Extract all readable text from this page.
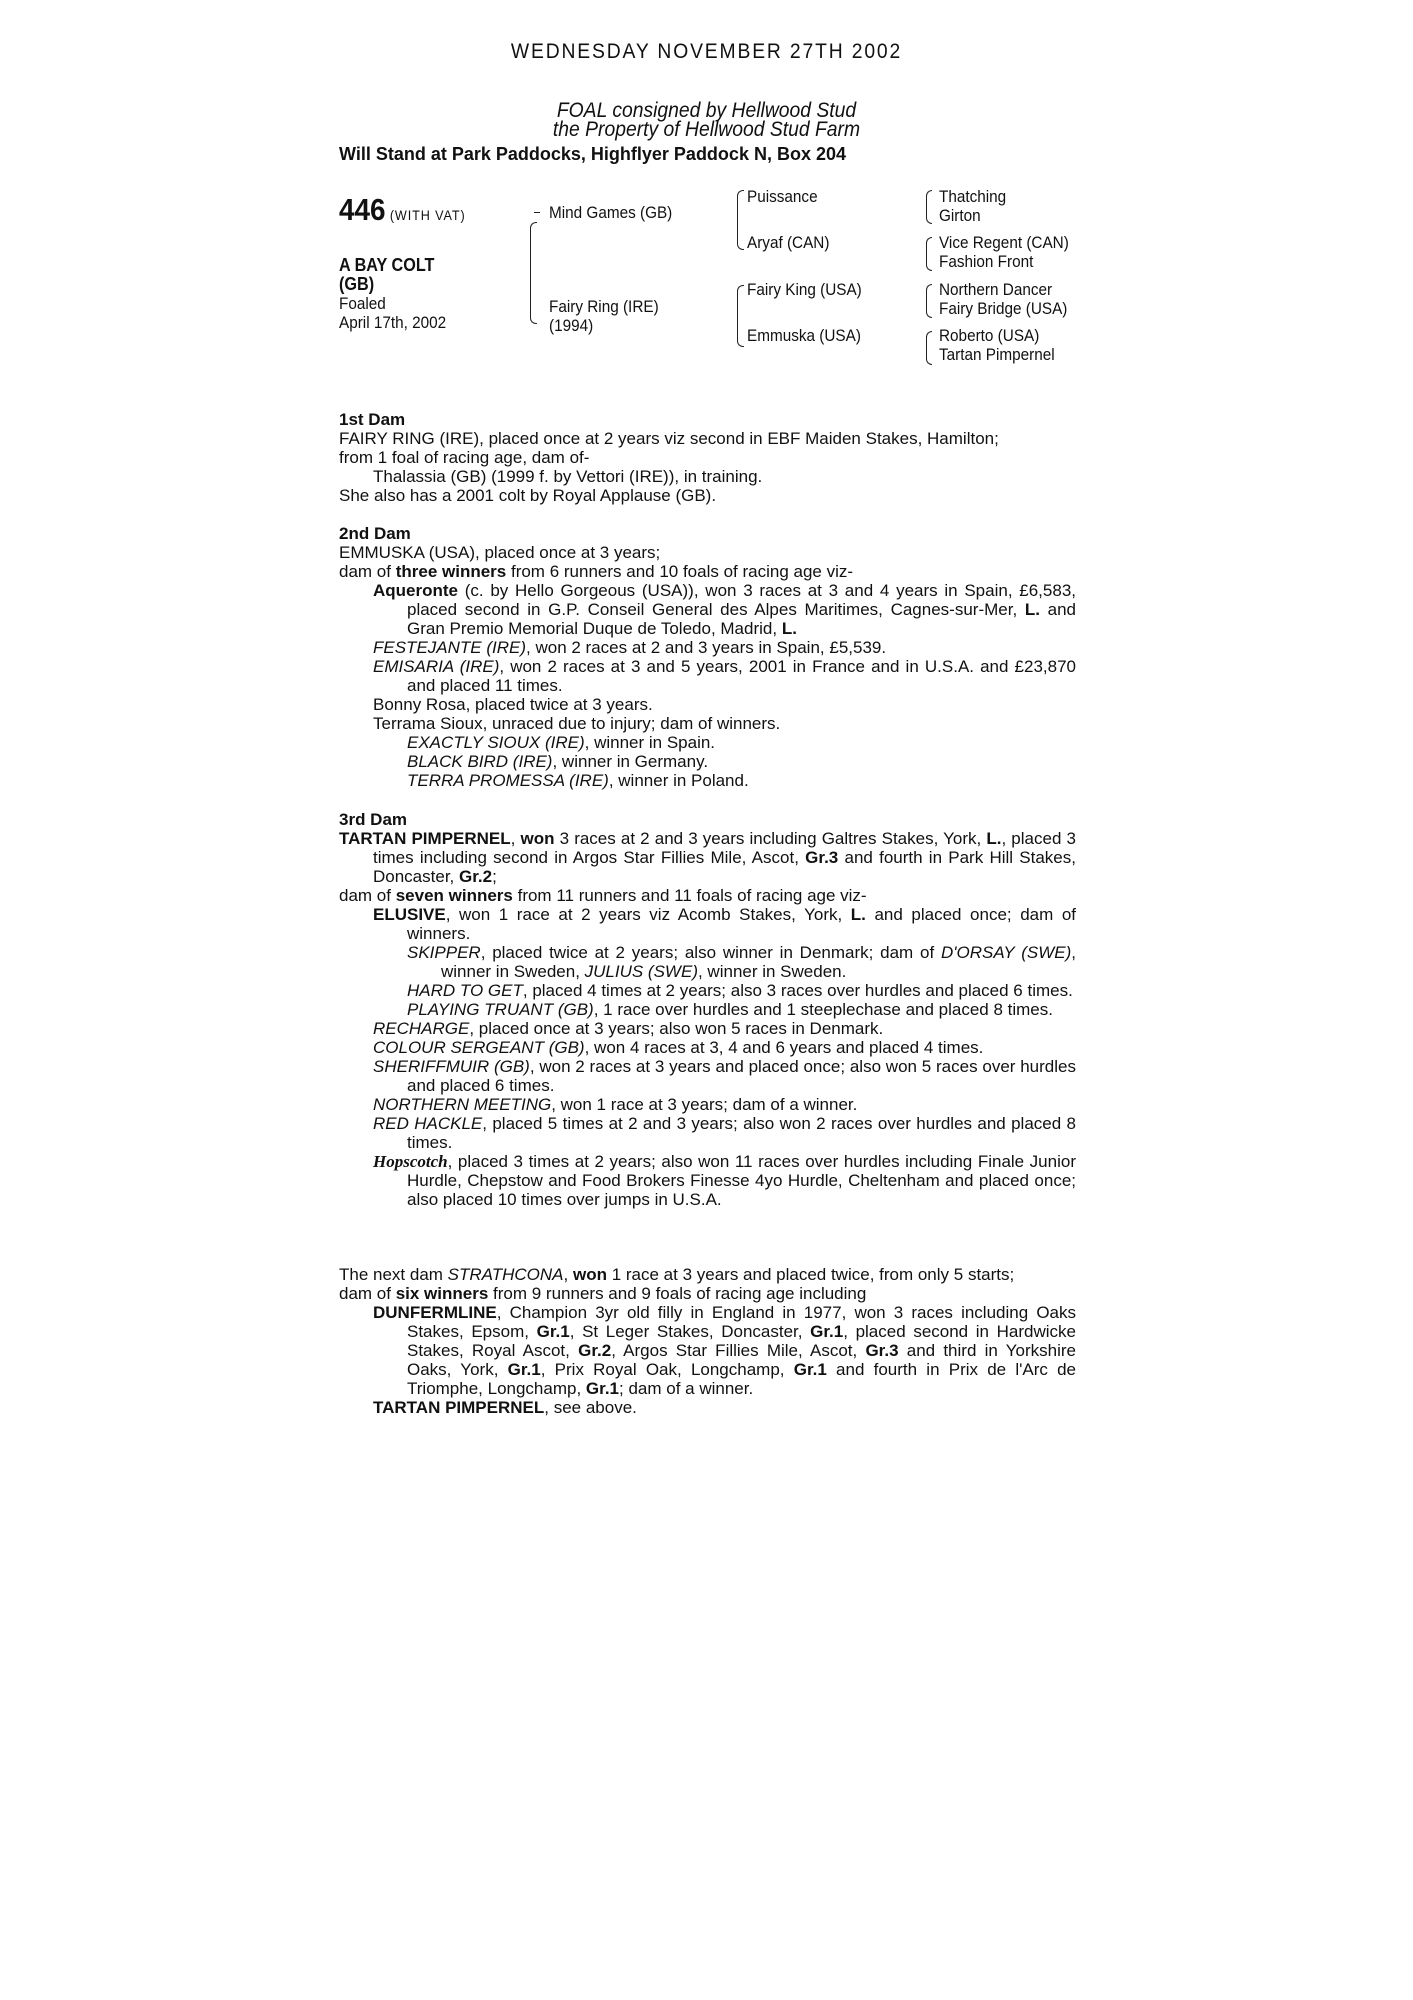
WEDNESDAY NOVEMBER 27TH 2002
FOAL consigned by Hellwood Stud
the Property of Hellwood Stud Farm
Will Stand at Park Paddocks, Highflyer Paddock N, Box 204
446 (WITH VAT)
A BAY COLT
(GB)
Foaled
April 17th, 2002
Mind Games (GB)
Fairy Ring (IRE)
(1994)
Puissance
Aryaf (CAN)
Fairy King (USA)
Emmuska (USA)
Thatching
Girton
Vice Regent (CAN)
Fashion Front
Northern Dancer
Fairy Bridge (USA)
Roberto (USA)
Tartan Pimpernel
1st Dam

FAIRY RING (IRE), placed once at 2 years viz second in EBF Maiden Stakes, Hamilton;

from 1 foal of racing age, dam of-

Thalassia (GB) (1999 f. by Vettori (IRE)), in training.

She also has a 2001 colt by Royal Applause (GB).

2nd Dam

EMMUSKA (USA), placed once at 3 years;

dam of three winners from 6 runners and 10 foals of racing age viz-

Aqueronte (c. by Hello Gorgeous (USA)), won 3 races at 3 and 4 years in Spain, £6,583, placed second in G.P. Conseil General des Alpes Maritimes, Cagnes-sur-Mer, L. and Gran Premio Memorial Duque de Toledo, Madrid, L.

FESTEJANTE (IRE), won 2 races at 2 and 3 years in Spain, £5,539.

EMISARIA (IRE), won 2 races at 3 and 5 years, 2001 in France and in U.S.A. and £23,870 and placed 11 times.

Bonny Rosa, placed twice at 3 years.

Terrama Sioux, unraced due to injury; dam of winners.

EXACTLY SIOUX (IRE), winner in Spain.

BLACK BIRD (IRE), winner in Germany.

TERRA PROMESSA (IRE), winner in Poland.

3rd Dam

TARTAN PIMPERNEL, won 3 races at 2 and 3 years including Galtres Stakes, York, L., placed 3 times including second in Argos Star Fillies Mile, Ascot, Gr.3 and fourth in Park Hill Stakes, Doncaster, Gr.2;

dam of seven winners from 11 runners and 11 foals of racing age viz-

ELUSIVE, won 1 race at 2 years viz Acomb Stakes, York, L. and placed once; dam of winners.

SKIPPER, placed twice at 2 years; also winner in Denmark; dam of D'ORSAY (SWE), winner in Sweden, JULIUS (SWE), winner in Sweden.

HARD TO GET, placed 4 times at 2 years; also 3 races over hurdles and placed 6 times.

PLAYING TRUANT (GB), 1 race over hurdles and 1 steeplechase and placed 8 times.

RECHARGE, placed once at 3 years; also won 5 races in Denmark.

COLOUR SERGEANT (GB), won 4 races at 3, 4 and 6 years and placed 4 times.

SHERIFFMUIR (GB), won 2 races at 3 years and placed once; also won 5 races over hurdles and placed 6 times.

NORTHERN MEETING, won 1 race at 3 years; dam of a winner.

RED HACKLE, placed 5 times at 2 and 3 years; also won 2 races over hurdles and placed 8 times.

Hopscotch, placed 3 times at 2 years; also won 11 races over hurdles including Finale Junior Hurdle, Chepstow and Food Brokers Finesse 4yo Hurdle, Cheltenham and placed once; also placed 10 times over jumps in U.S.A.

The next dam STRATHCONA, won 1 race at 3 years and placed twice, from only 5 starts;

dam of six winners from 9 runners and 9 foals of racing age including

DUNFERMLINE, Champion 3yr old filly in England in 1977, won 3 races including Oaks Stakes, Epsom, Gr.1, St Leger Stakes, Doncaster, Gr.1, placed second in Hardwicke Stakes, Royal Ascot, Gr.2, Argos Star Fillies Mile, Ascot, Gr.3 and third in Yorkshire Oaks, York, Gr.1, Prix Royal Oak, Longchamp, Gr.1 and fourth in Prix de l'Arc de Triomphe, Longchamp, Gr.1; dam of a winner.

TARTAN PIMPERNEL, see above.
